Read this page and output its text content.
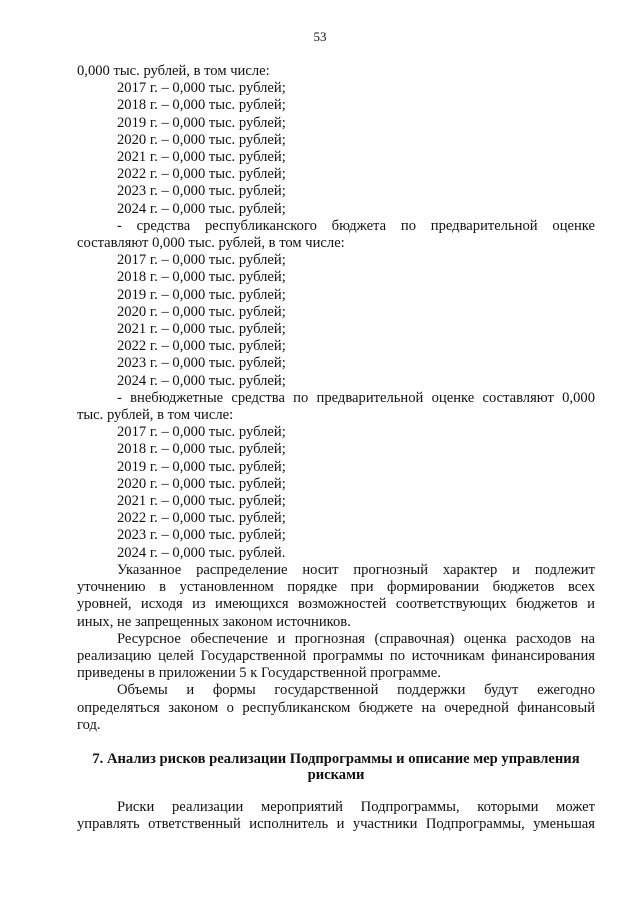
53
0,000 тыс. рублей, в том числе:
2017 г. – 0,000 тыс. рублей;
2018 г. – 0,000 тыс. рублей;
2019 г. – 0,000 тыс. рублей;
2020 г. – 0,000 тыс. рублей;
2021 г. – 0,000 тыс. рублей;
2022 г. – 0,000 тыс. рублей;
2023 г. – 0,000 тыс. рублей;
2024 г. – 0,000 тыс. рублей;
- средства республиканского бюджета по предварительной оценке
составляют 0,000 тыс. рублей, в том числе:
2017 г. – 0,000 тыс. рублей;
2018 г. – 0,000 тыс. рублей;
2019 г. – 0,000 тыс. рублей;
2020 г. – 0,000 тыс. рублей;
2021 г. – 0,000 тыс. рублей;
2022 г. – 0,000 тыс. рублей;
2023 г. – 0,000 тыс. рублей;
2024 г. – 0,000 тыс. рублей;
- внебюджетные средства по предварительной оценке составляют 0,000
тыс. рублей, в том числе:
2017 г. – 0,000 тыс. рублей;
2018 г. – 0,000 тыс. рублей;
2019 г. – 0,000 тыс. рублей;
2020 г. – 0,000 тыс. рублей;
2021 г. – 0,000 тыс. рублей;
2022 г. – 0,000 тыс. рублей;
2023 г. – 0,000 тыс. рублей;
2024 г. – 0,000 тыс. рублей.
Указанное распределение носит прогнозный характер и подлежит
уточнению в установленном порядке при формировании бюджетов всех
уровней, исходя из имеющихся возможностей соответствующих бюджетов и
иных, не запрещенных законом источников.
Ресурсное обеспечение и прогнозная (справочная) оценка расходов на
реализацию целей Государственной программы по источникам финансирования
приведены в приложении 5 к Государственной программе.
Объемы и формы государственной поддержки будут ежегодно
определяться законом о республиканском бюджете на очередной финансовый
год.
7. Анализ рисков реализации Подпрограммы и описание мер управления
рисками
Риски реализации мероприятий Подпрограммы, которыми может
управлять ответственный исполнитель и участники Подпрограммы, уменьшая
